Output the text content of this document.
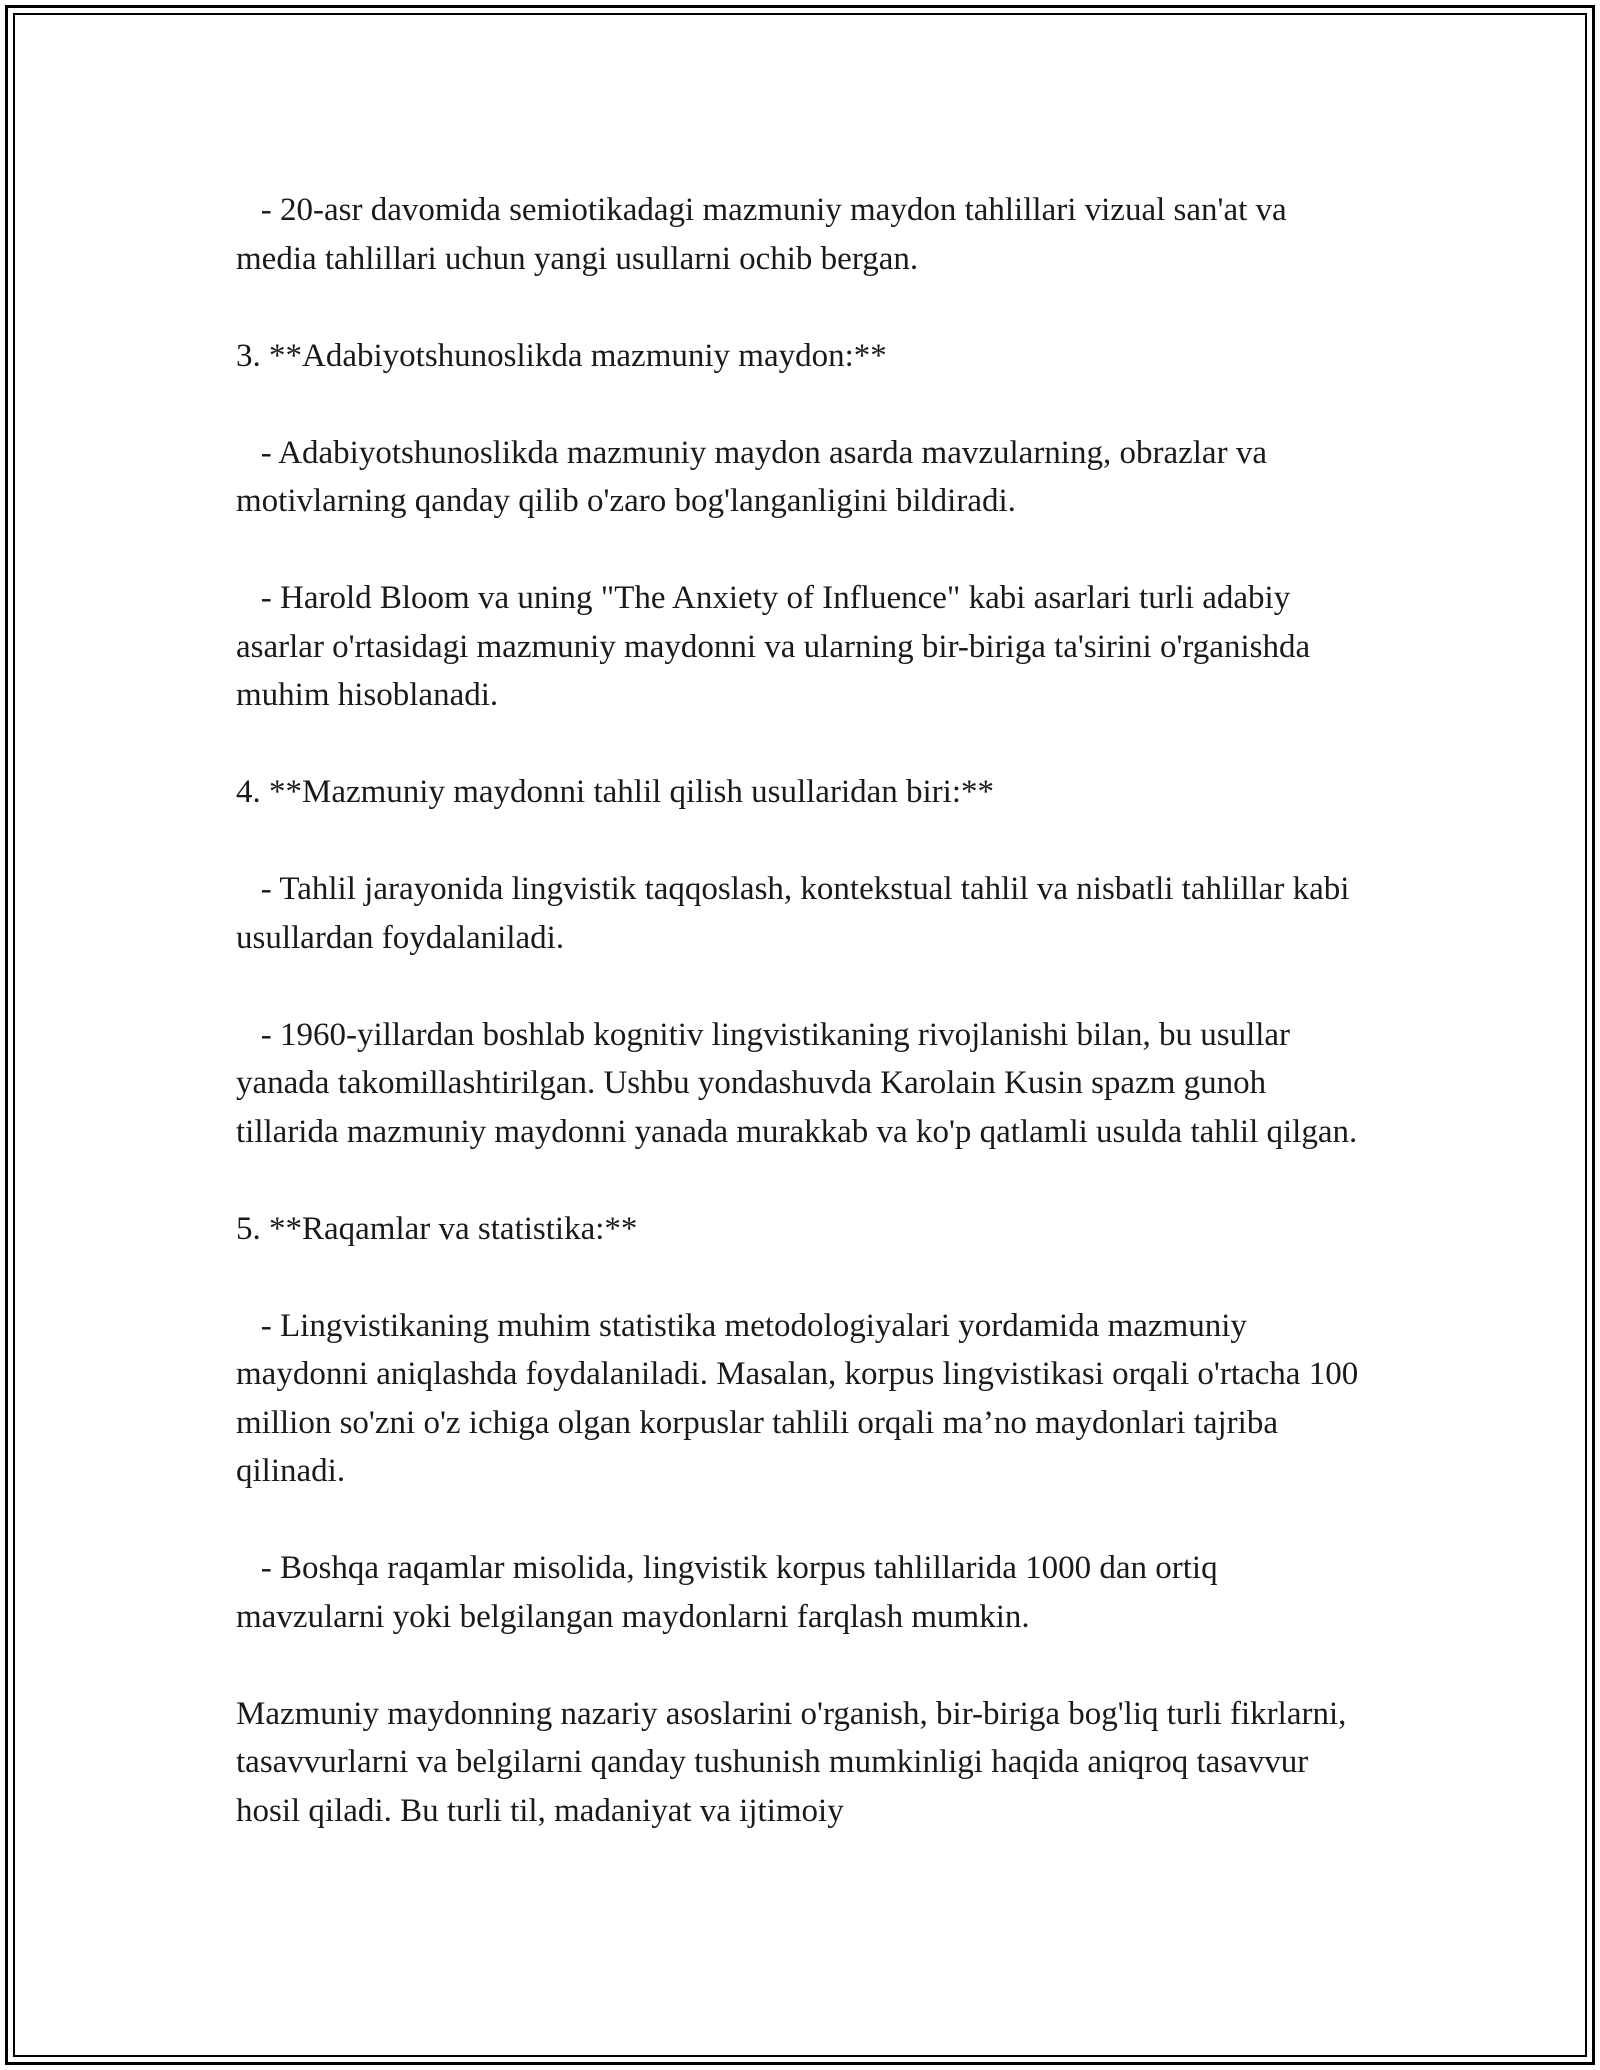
- 20-asr davomida semiotikadagi mazmuniy maydon tahlillari vizual san'at va media tahlillari uchun yangi usullarni ochib bergan.

3. **Adabiyotshunoslikda mazmuniy maydon:**

- Adabiyotshunoslikda mazmuniy maydon asarda mavzularning, obrazlar va motivlarning qanday qilib o'zaro bog'langanligini bildiradi.

- Harold Bloom va uning "The Anxiety of Influence" kabi asarlari turli adabiy asarlar o'rtasidagi mazmuniy maydonni va ularning bir-biriga ta'sirini o'rganishda muhim hisoblanadi.

4. **Mazmuniy maydonni tahlil qilish usullaridan biri:**

- Tahlil jarayonida lingvistik taqqoslash, kontekstual tahlil va nisbatli tahlillar kabi usullardan foydalaniladi.

- 1960-yillardan boshlab kognitiv lingvistikaning rivojlanishi bilan, bu usullar yanada takomillashtirilgan. Ushbu yondashuvda Karolain Kusin spazm gunoh tillarida mazmuniy maydonni yanada murakkab va ko'p qatlamli usulda tahlil qilgan.

5. **Raqamlar va statistika:**

- Lingvistikaning muhim statistika metodologiyalari yordamida mazmuniy maydonni aniqlashda foydalaniladi. Masalan, korpus lingvistikasi orqali o'rtacha 100 million so'zni o'z ichiga olgan korpuslar tahlili orqali ma’no maydonlari tajriba qilinadi.

- Boshqa raqamlar misolida, lingvistik korpus tahlillarida 1000 dan ortiq mavzularni yoki belgilangan maydonlarni farqlash mumkin.

Mazmuniy maydonning nazariy asoslarini o'rganish, bir-biriga bog'liq turli fikrlarni, tasavvurlarni va belgilarni qanday tushunish mumkinligi haqida aniqroq tasavvur hosil qiladi. Bu turli til, madaniyat va ijtimoiy
